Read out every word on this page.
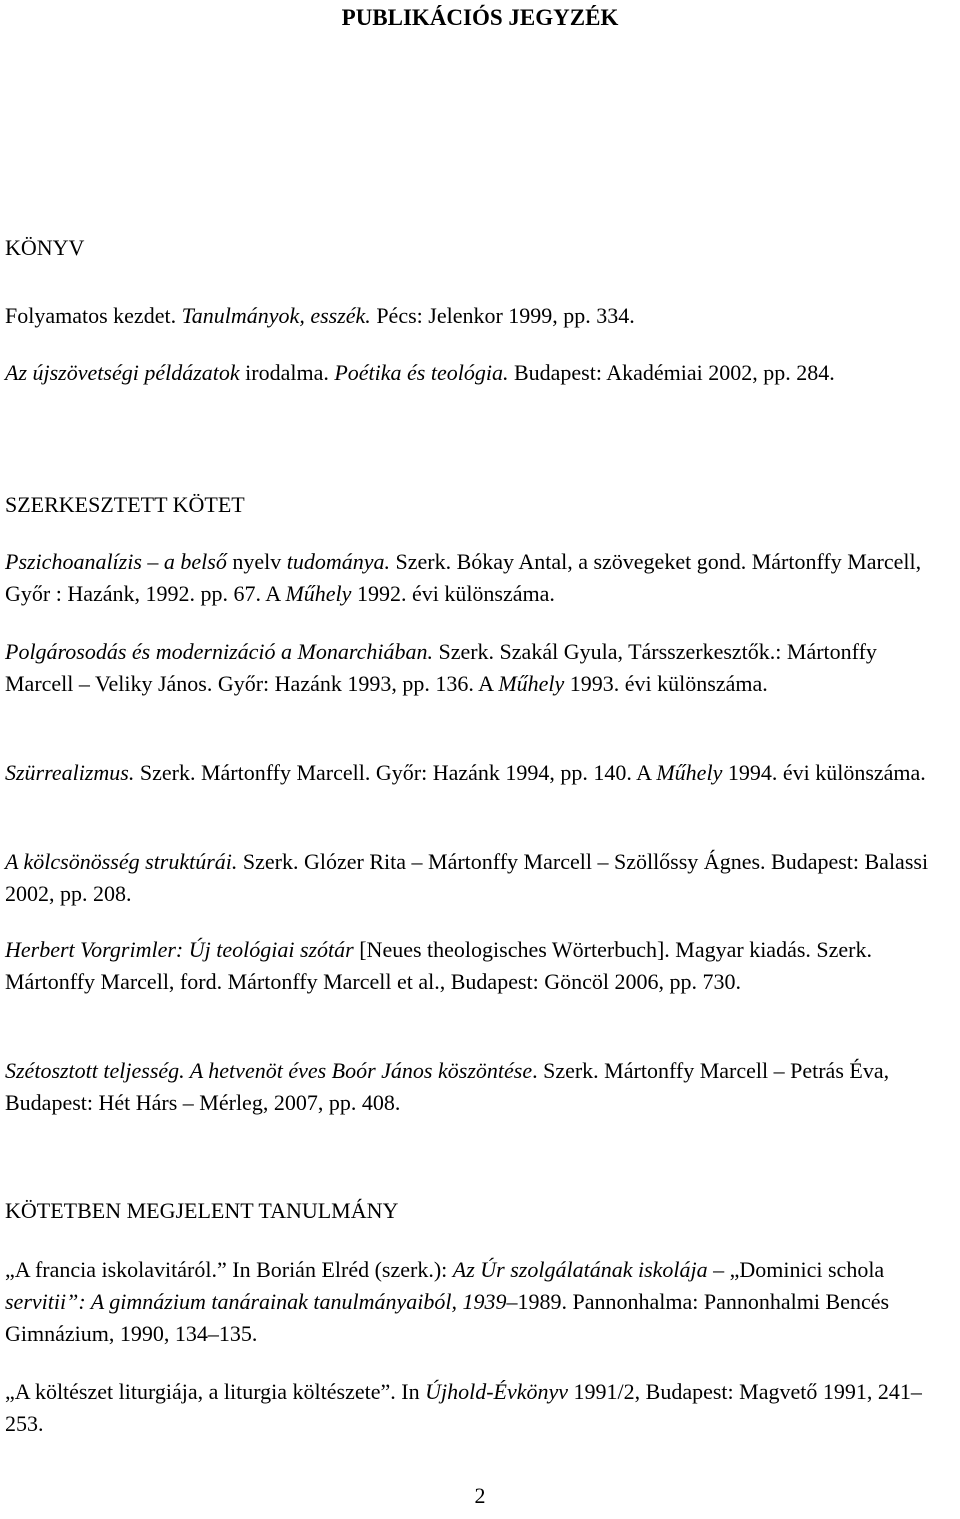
PUBLIKÁCIÓS JEGYZÉK
KÖNYV
Folyamatos kezdet. Tanulmányok, esszék. Pécs: Jelenkor 1999, pp. 334.
Az újszövetségi példázatok irodalma. Poétika és teológia. Budapest: Akadémiai 2002, pp. 284.
SZERKESZTETT KÖTET
Pszichoanalízis – a belső nyelv tudománya. Szerk. Bókay Antal, a szövegeket gond. Mártonffy Marcell, Győr : Hazánk, 1992. pp. 67. A Műhely 1992. évi különszáma.
Polgárosodás és modernizáció a Monarchiában. Szerk. Szakál Gyula, Társszerkesztők.: Mártonffy Marcell – Veliky János. Győr: Hazánk 1993, pp. 136. A Műhely 1993. évi különszáma.
Szürrealizmus. Szerk. Mártonffy Marcell. Győr: Hazánk 1994, pp. 140. A Műhely 1994. évi különszáma.
A kölcsönösség struktúrái. Szerk. Glózer Rita – Mártonffy Marcell – Szöllőssy Ágnes. Budapest: Balassi 2002, pp. 208.
Herbert Vorgrimler: Új teológiai szótár [Neues theologisches Wörterbuch]. Magyar kiadás. Szerk. Mártonffy Marcell, ford. Mártonffy Marcell et al., Budapest: Göncöl 2006, pp. 730.
Szétosztott teljesség. A hetvenöt éves Boór János köszöntése. Szerk. Mártonffy Marcell – Petrás Éva, Budapest: Hét Hárs – Mérleg, 2007, pp. 408.
KÖTETBEN MEGJELENT TANULMÁNY
„A francia iskolavitáról.” In Borián Elréd (szerk.): Az Úr szolgálatának iskolája – „Dominici schola servitii”: A gimnázium tanárainak tanulmányaiból, 1939–1989. Pannonhalma: Pannonhalmi Bencés Gimnázium, 1990, 134–135.
„A költészet liturgiája, a liturgia költészete”. In Újhold-Évkönyv 1991/2, Budapest: Magvető 1991, 241–253.
2
